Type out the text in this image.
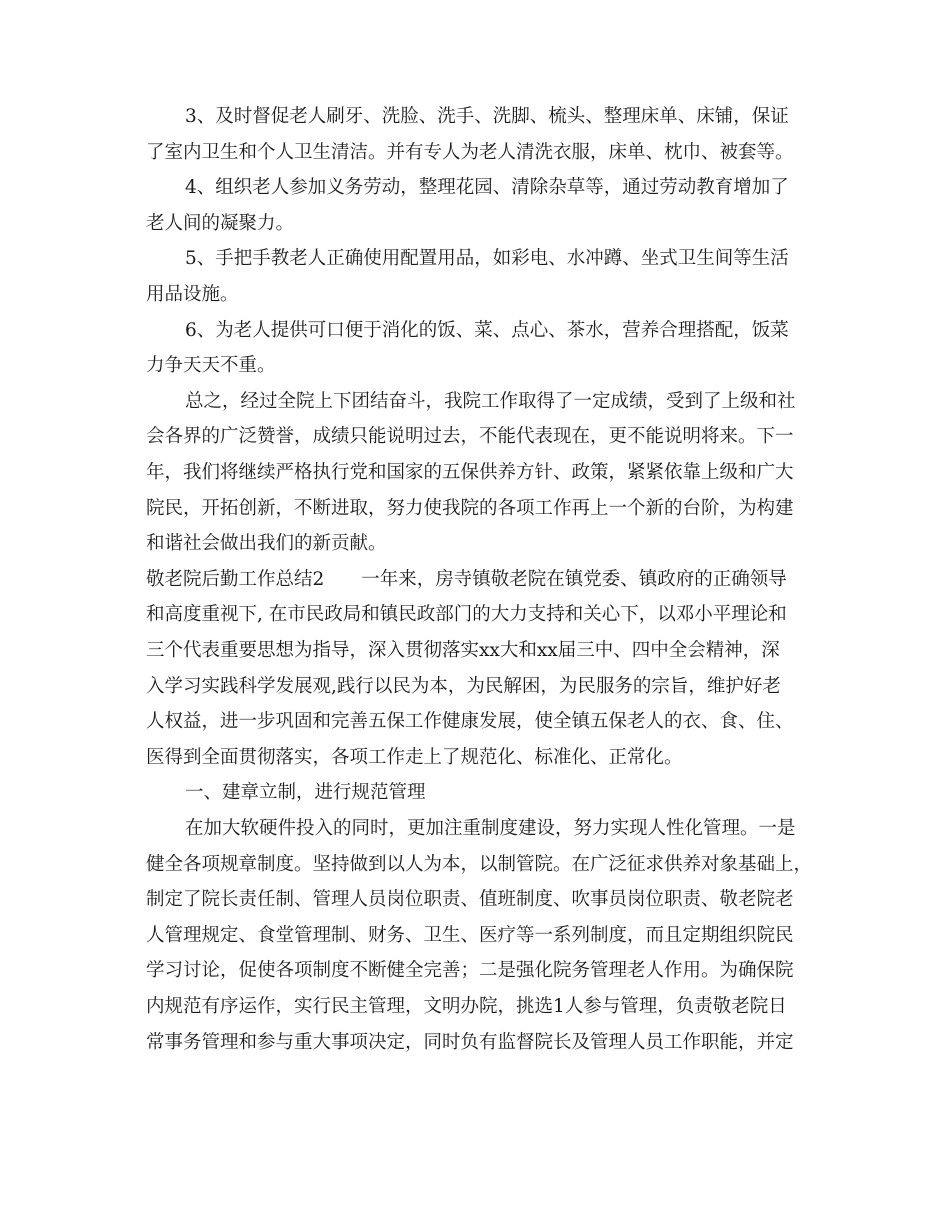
3、及时督促老人刷牙、洗脸、洗手、洗脚、梳头、整理床单、床铺，保证
了室内卫生和个人卫生清洁。并有专人为老人清洗衣服，床单、枕巾、被套等。
4、组织老人参加义务劳动，整理花园、清除杂草等，通过劳动教育增加了
老人间的凝聚力。
5、手把手教老人正确使用配置用品，如彩电、水冲蹲、坐式卫生间等生活
用品设施。
6、为老人提供可口便于消化的饭、菜、点心、茶水，营养合理搭配，饭菜
力争天天不重。
总之，经过全院上下团结奋斗，我院工作取得了一定成绩，受到了上级和社
会各界的广泛赞誉，成绩只能说明过去，不能代表现在，更不能说明将来。下一
年，我们将继续严格执行党和国家的五保供养方针、政策，紧紧依靠上级和广大
院民，开拓创新，不断进取，努力使我院的各项工作再上一个新的台阶，为构建
和谐社会做出我们的新贡献。
敬老院后勤工作总结2　　一年来，房寺镇敬老院在镇党委、镇政府的正确领导
和高度重视下, 在市民政局和镇民政部门的大力支持和关心下，以邓小平理论和
三个代表重要思想为指导，深入贯彻落实xx大和xx届三中、四中全会精神，深
入学习实践科学发展观,践行以民为本，为民解困，为民服务的宗旨，维护好老
人权益，进一步巩固和完善五保工作健康发展，使全镇五保老人的衣、食、住、
医得到全面贯彻落实，各项工作走上了规范化、标准化、正常化。
一、建章立制，进行规范管理
在加大软硬件投入的同时，更加注重制度建设，努力实现人性化管理。一是
健全各项规章制度。坚持做到以人为本，以制管院。在广泛征求供养对象基础上，
制定了院长责任制、管理人员岗位职责、值班制度、吹事员岗位职责、敬老院老
人管理规定、食堂管理制、财务、卫生、医疗等一系列制度，而且定期组织院民
学习讨论，促使各项制度不断健全完善；二是强化院务管理老人作用。为确保院
内规范有序运作，实行民主管理，文明办院，挑选1人参与管理，负责敬老院日
常事务管理和参与重大事项决定，同时负有监督院长及管理人员工作职能，并定
